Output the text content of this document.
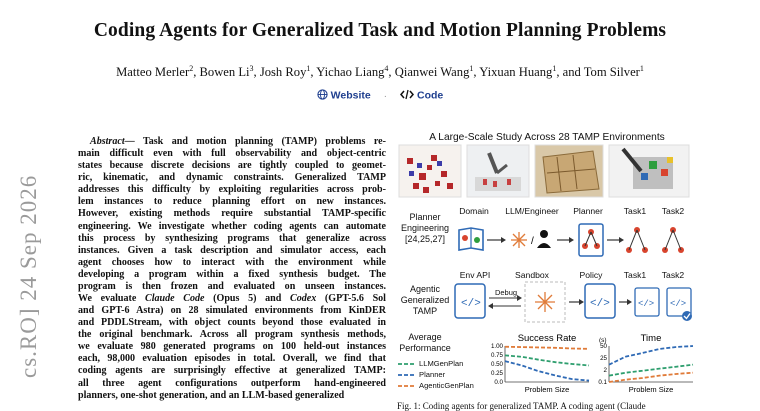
Coding Agents for Generalized Task and Motion Planning Problems
Matteo Merler$^2$, Bowen Li$^3$, Josh Roy$^1$, Yichao Liang$^4$, Qianwei Wang$^1$, Yixuan Huang$^1$, and Tom Silver$^1$
Website ·	Code
cs.RO] 24 Sep 2026
Abstract— Task and motion planning (TAMP) problems re-
main difficult even with full observability and object-centric
states because discrete decisions are tightly coupled to geomet-
ric, kinematic, and dynamic constraints. Generalized TAMP
addresses this difficulty by exploiting regularities across prob-
lem instances to reduce planning effort on new instances.
However, existing methods require substantial TAMP-specific
engineering. We investigate whether coding agents can automate
this process by synthesizing programs that generalize across
instances. Given a task description and simulator access, each
agent chooses how to interact with the environment while
developing a program within a fixed synthesis budget. The
program is then frozen and evaluated on unseen instances.
We evaluate Claude Code (Opus 5) and Codex (GPT-5.6 Sol
and GPT-6 Astra) on 28 simulated environments from KinDER
and PDDLStream, with object counts beyond those evaluated in
the original benchmark. Across all program synthesis methods,
we evaluate 980 generated programs on 100 held-out instances
each, 98,000 evaluation episodes in total. Overall, we find that
coding agents are surprisingly effective at generalized TAMP:
all three agent configurations outperform hand-engineered
planners, one-shot generation, and an LLM-based generalized
A Large-Scale Study Across 28 TAMP Environments
Planner
Engineering
[24,25,27]
Domain	LLM/Engineer	Planner	Task1	Task2
/
Agentic
Generalized
TAMP
Env API	Sandbox	Policy	Task1	Task2
Debug
</>	</>	</> </>
Average
Performance
LLMGenPlan
Planner
AgenticGenPlan
Success Rate
1.00
0.75
0.50
0.25
0.0
Problem Size
Time
(s)
50
25
2
0.1
Problem Size
Fig. 1: Coding agents for generalized TAMP. A coding agent (Claude
